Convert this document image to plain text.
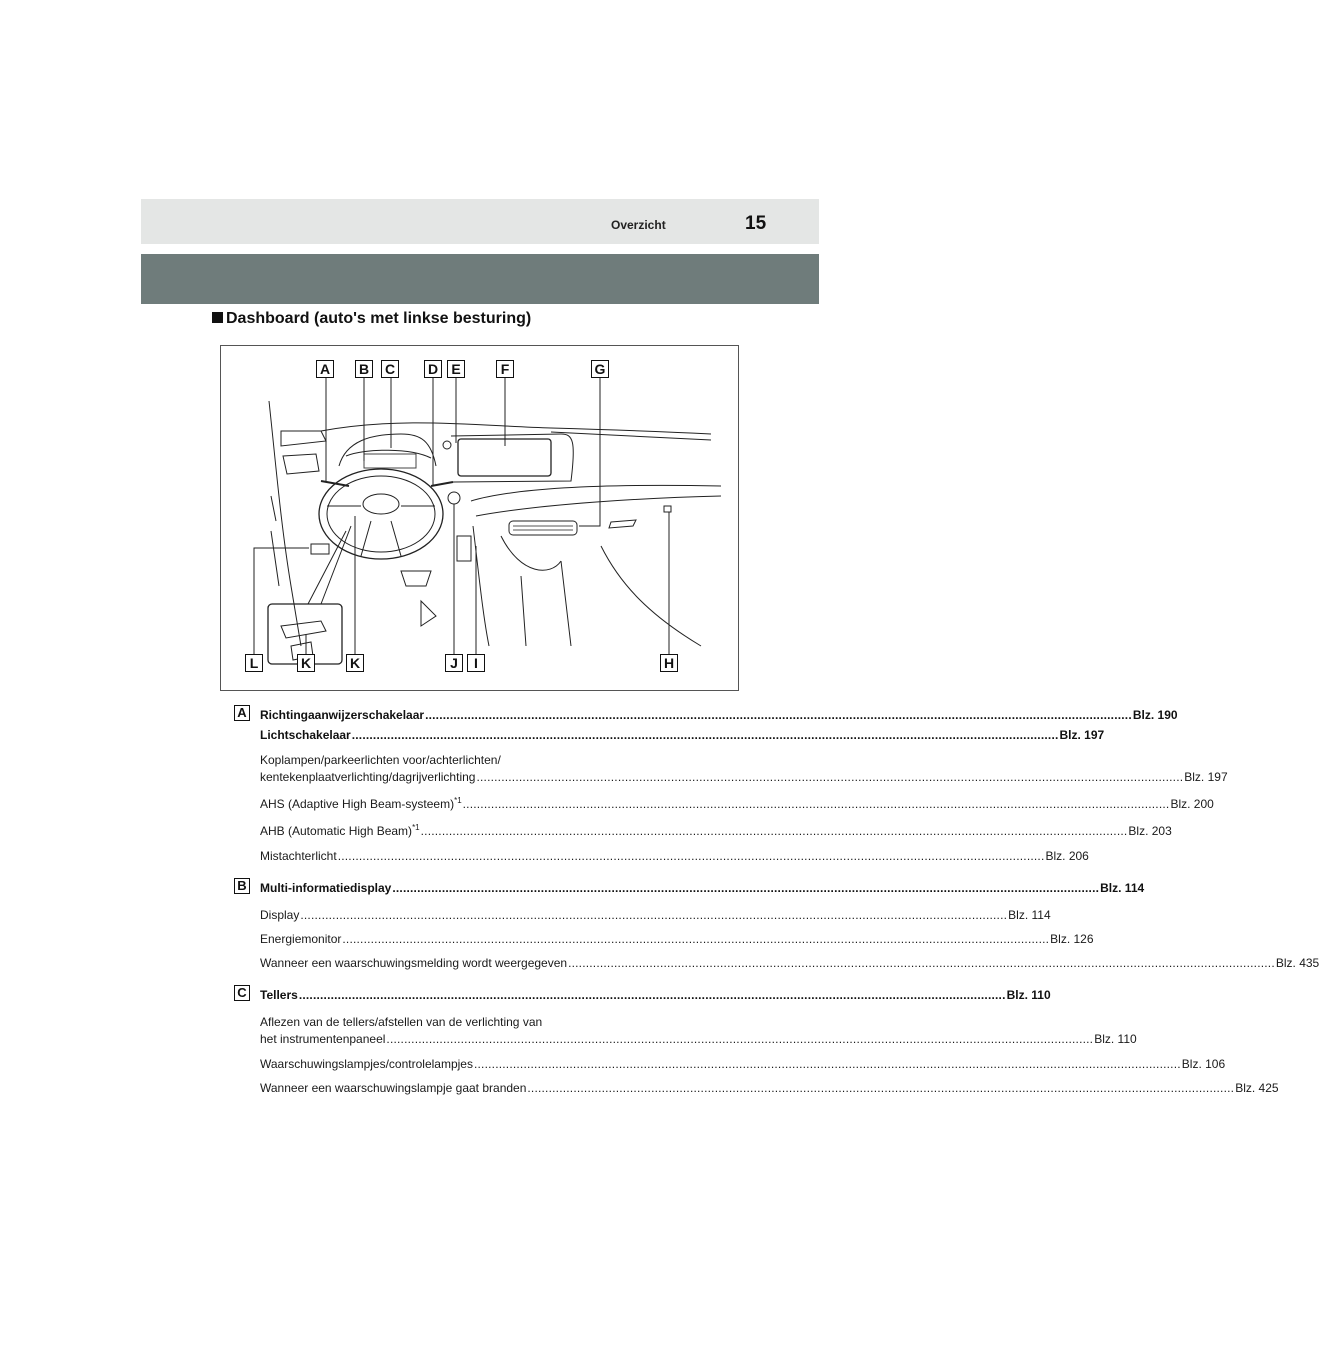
Overzicht	15
Dashboard (auto's met linkse besturing)
A B C D E	F	G
L	K	K	J	I	H
A Richtingaanwijzerschakelaar ........................................................................................................................................................................................................ Blz. 190
Lichtschakelaar ........................................................................................................................................................................................................ Blz. 197
Koplampen/parkeerlichten voor/achterlichten/
kentekenplaatverlichting/dagrijverlichting ........................................................................................................................................................................................................ Blz. 197
AHS (Adaptive High Beam-systeem)$^{*1}$ ........................................................................................................................................................................................................ Blz. 200
AHB (Automatic High Beam)$^{*1}$ ........................................................................................................................................................................................................ Blz. 203
Mistachterlicht ........................................................................................................................................................................................................ Blz. 206
B Multi-informatiedisplay ........................................................................................................................................................................................................ Blz. 114
Display ........................................................................................................................................................................................................ Blz. 114
Energiemonitor ........................................................................................................................................................................................................ Blz. 126
Wanneer een waarschuwingsmelding wordt weergegeven ........................................................................................................................................................................................................ Blz. 435
C Tellers ........................................................................................................................................................................................................ Blz. 110
Aflezen van de tellers/afstellen van de verlichting van
het instrumentenpaneel ........................................................................................................................................................................................................ Blz. 110
Waarschuwingslampjes/controlelampjes ........................................................................................................................................................................................................ Blz. 106
Wanneer een waarschuwingslampje gaat branden ........................................................................................................................................................................................................ Blz. 425
